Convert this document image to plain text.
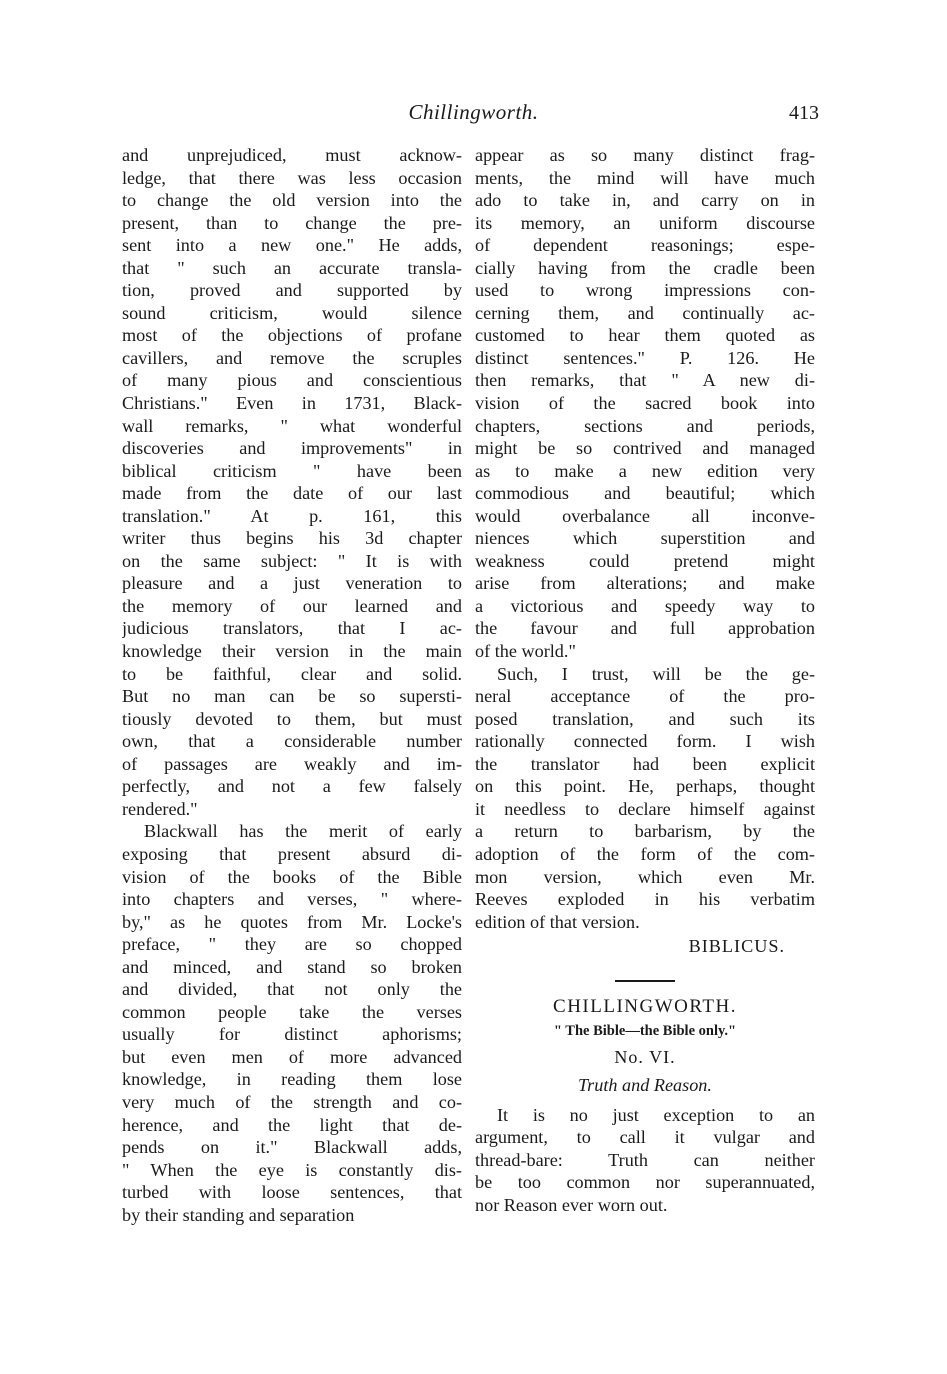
Chillingworth.	413
and unprejudiced, must acknow-
ledge, that there was less occasion
to change the old version into the
present, than to change the pre-
sent into a new one." He adds,
that " such an accurate transla-
tion, proved and supported by
sound criticism, would silence
most of the objections of profane
cavillers, and remove the scruples
of many pious and conscientious
Christians." Even in 1731, Black-
wall remarks, " what wonderful
discoveries and improvements" in
biblical criticism " have been
made from the date of our last
translation." At p. 161, this
writer thus begins his 3d chapter
on the same subject: " It is with
pleasure and a just veneration to
the memory of our learned and
judicious translators, that I ac-
knowledge their version in the main
to be faithful, clear and solid.
But no man can be so supersti-
tiously devoted to them, but must
own, that a considerable number
of passages are weakly and im-
perfectly, and not a few falsely
rendered."
Blackwall has the merit of early
exposing that present absurd di-
vision of the books of the Bible
into chapters and verses, " where-
by," as he quotes from Mr. Locke's
preface, " they are so chopped
and minced, and stand so broken
and divided, that not only the
common people take the verses
usually for distinct aphorisms;
but even men of more advanced
knowledge, in reading them lose
very much of the strength and co-
herence, and the light that de-
pends on it." Blackwall adds,
" When the eye is constantly dis-
turbed with loose sentences, that
by their standing and separation
appear as so many distinct frag-
ments, the mind will have much
ado to take in, and carry on in
its memory, an uniform discourse
of dependent reasonings; espe-
cially having from the cradle been
used to wrong impressions con-
cerning them, and continually ac-
customed to hear them quoted as
distinct sentences." P. 126. He
then remarks, that " A new di-
vision of the sacred book into
chapters, sections and periods,
might be so contrived and managed
as to make a new edition very
commodious and beautiful; which
would overbalance all inconve-
niences which superstition and
weakness could pretend might
arise from alterations; and make
a victorious and speedy way to
the favour and full approbation
of the world."
Such, I trust, will be the ge-
neral acceptance of the pro-
posed translation, and such its
rationally connected form. I wish
the translator had been explicit
on this point. He, perhaps, thought
it needless to declare himself against
a return to barbarism, by the
adoption of the form of the com-
mon version, which even Mr.
Reeves exploded in his verbatim
edition of that version.
BIBLICUS.
CHILLINGWORTH.
" The Bible—the Bible only."
No. VI.
Truth and Reason.
It is no just exception to an
argument, to call it vulgar and
thread-bare: Truth can neither
be too common nor superannuated,
nor Reason ever worn out.
